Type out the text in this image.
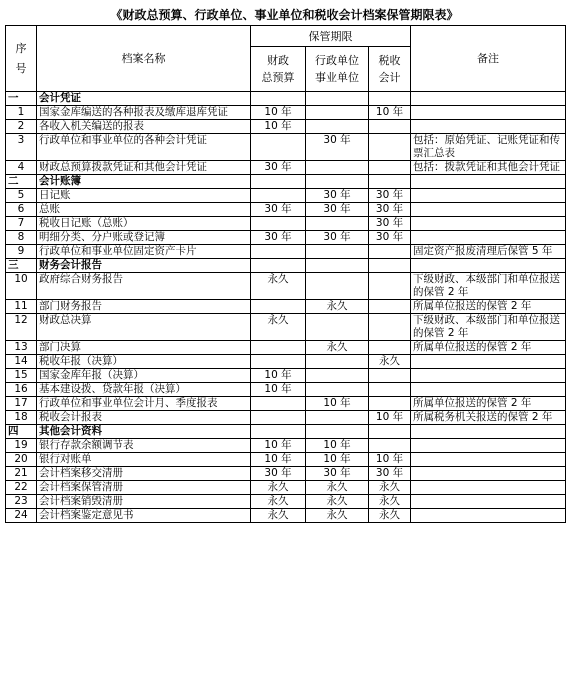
《财政总预算、行政单位、事业单位和税收会计档案保管期限表》
序
号	档案名称	保管期限			备注
		财政
总预算	行政单位
事业单位	税收
会计	
一	会计凭证				
1	国家金库编送的各种报表及缴库退库凭证	10 年		10 年	
2	各收入机关编送的报表	10 年			
3	行政单位和事业单位的各种会计凭证		30 年		包括：原始凭证、记账凭证和传票汇总表
4	财政总预算拨款凭证和其他会计凭证	30 年			包括：拨款凭证和其他会计凭证
二	会计账簿				
5	日记账		30 年	30 年	
6	总账	30 年	30 年	30 年	
7	税收日记账（总账）			30 年	
8	明细分类、分户账或登记簿	30 年	30 年	30 年	
9	行政单位和事业单位固定资产卡片				固定资产报废清理后保管 5 年
三	财务会计报告				
10	政府综合财务报告	永久			下级财政、本级部门和单位报送的保管 2 年
11	部门财务报告		永久		所属单位报送的保管 2 年
12	财政总决算	永久			下级财政、本级部门和单位报送的保管 2 年
13	部门决算		永久		所属单位报送的保管 2 年
14	税收年报（决算）			永久	
15	国家金库年报（决算）	10 年			
16	基本建设拨、贷款年报（决算）	10 年			
17	行政单位和事业单位会计月、季度报表		10 年		所属单位报送的保管 2 年
18	税收会计报表			10 年	所属税务机关报送的保管 2 年
四	其他会计资料				
19	银行存款余额调节表	10 年	10 年		
20	银行对账单	10 年	10 年	10 年	
21	会计档案移交清册	30 年	30 年	30 年	
22	会计档案保管清册	永久	永久	永久	
23	会计档案销毁清册	永久	永久	永久	
24	会计档案鉴定意见书	永久	永久	永久	
